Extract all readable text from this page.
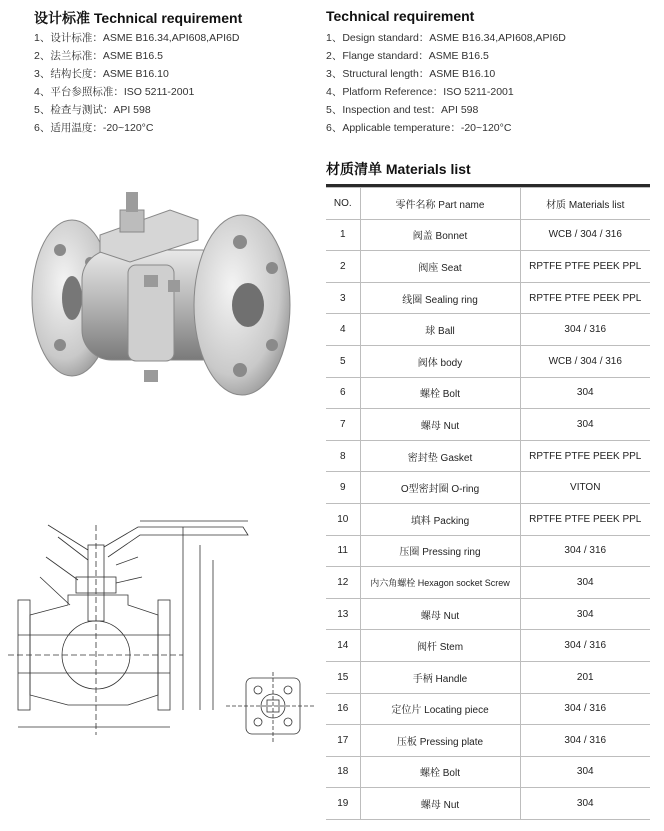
设计标准 Technical requirement
1、设计标准：ASME B16.34,API608,API6D
2、法兰标准：ASME B16.5
3、结构长度：ASME B16.10
4、平台参照标准：ISO 5211-2001
5、检查与测试：API 598
6、适用温度：-20~120°C
Technical requirement
1、Design standard：ASME B16.34,API608,API6D
2、Flange standard：ASME B16.5
3、Structural length：ASME B16.10
4、Platform Reference：ISO 5211-2001
5、Inspection and test：API 598
6、Applicable temperature：-20~120°C
材质清单 Materials list
NO.	零件名称 Part name	材质 Materials list
1	阀盖 Bonnet	WCB / 304 / 316
2	阀座 Seat	RPTFE PTFE PEEK PPL
3	线圈 Sealing ring	RPTFE PTFE PEEK PPL
4	球 Ball	304 / 316
5	阀体 body	WCB / 304 / 316
6	螺栓 Bolt	304
7	螺母 Nut	304
8	密封垫 Gasket	RPTFE PTFE PEEK PPL
9	O型密封圈 O-ring	VITON
10	填料 Packing	RPTFE PTFE PEEK PPL
11	压圈 Pressing ring	304 / 316
12	内六角螺栓 Hexagon socket Screw	304
13	螺母 Nut	304
14	阀杆 Stem	304 / 316
15	手柄 Handle	201
16	定位片 Locating piece	304 / 316
17	压板 Pressing plate	304 / 316
18	螺栓 Bolt	304
19	螺母 Nut	304
